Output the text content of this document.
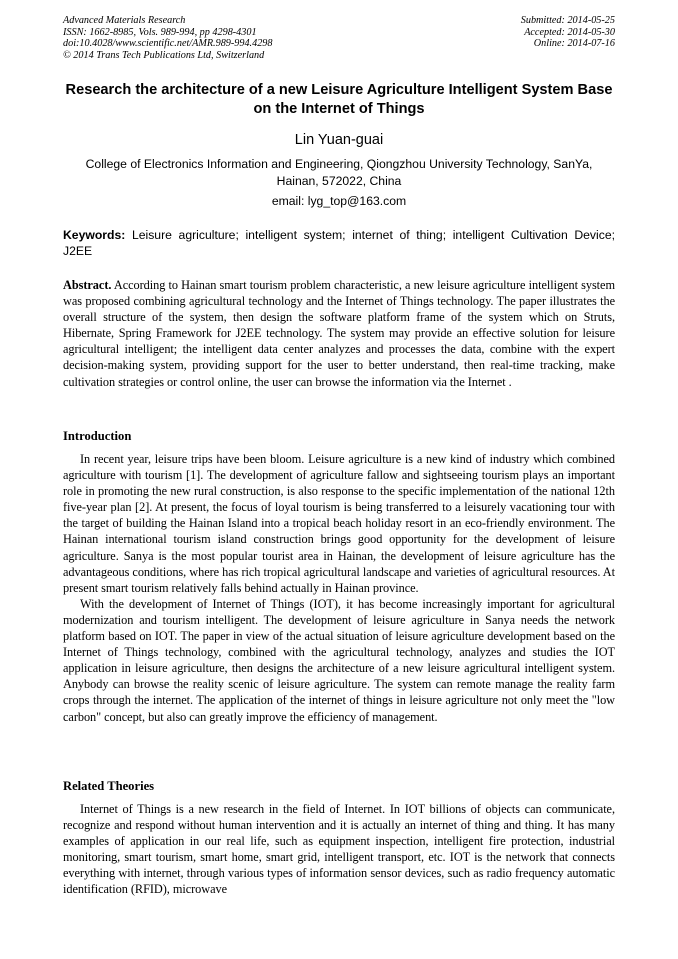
Advanced Materials Research
ISSN: 1662-8985, Vols. 989-994, pp 4298-4301
doi:10.4028/www.scientific.net/AMR.989-994.4298
© 2014 Trans Tech Publications Ltd, Switzerland
Submitted: 2014-05-25
Accepted: 2014-05-30
Online: 2014-07-16
Research the architecture of a new Leisure Agriculture Intelligent System Base on the Internet of Things
Lin Yuan-guai
College of Electronics Information and Engineering, Qiongzhou University Technology, SanYa, Hainan, 572022, China
email: lyg_top@163.com
Keywords: Leisure agriculture; intelligent system; internet of thing; intelligent Cultivation Device; J2EE
Abstract. According to Hainan smart tourism problem characteristic, a new leisure agriculture intelligent system was proposed combining agricultural technology and the Internet of Things technology. The paper illustrates the overall structure of the system, then design the software platform frame of the system which on Struts, Hibernate, Spring Framework for J2EE technology. The system may provide an effective solution for leisure agricultural intelligent; the intelligent data center analyzes and processes the data, combine with the expert decision-making system, providing support for the user to better understand, then real-time tracking, make cultivation strategies or control online, the user can browse the information via the Internet .
Introduction

In recent year, leisure trips have been bloom. Leisure agriculture is a new kind of industry which combined agriculture with tourism [1]. The development of agriculture fallow and sightseeing tourism plays an important role in promoting the new rural construction, is also response to the specific implementation of the national 12th five-year plan [2]. At present, the focus of loyal tourism is being transferred to a leisurely vacationing tour with the target of building the Hainan Island into a tropical beach holiday resort in an eco-friendly environment. The Hainan international tourism island construction brings good opportunity for the development of leisure agriculture. Sanya is the most popular tourist area in Hainan, the development of leisure agriculture has the advantageous conditions, where has rich tropical agricultural landscape and varieties of agricultural resources. At present smart tourism relatively falls behind actually in Hainan province.

With the development of Internet of Things (IOT), it has become increasingly important for agricultural modernization and tourism intelligent. The development of leisure agriculture in Sanya needs the network platform based on IOT. The paper in view of the actual situation of leisure agriculture development based on the Internet of Things technology, combined with the agricultural technology, analyzes and studies the IOT application in leisure agriculture, then designs the architecture of a new leisure agricultural intelligent system. Anybody can browse the reality scenic of leisure agriculture. The system can remote manage the reality farm crops through the internet. The application of the internet of things in leisure agriculture not only meet the "low carbon" concept, but also can greatly improve the efficiency of management.

Related Theories

Internet of Things is a new research in the field of Internet. In IOT billions of objects can communicate, recognize and respond without human intervention and it is actually an internet of thing and thing. It has many examples of application in our real life, such as equipment inspection, intelligent fire protection, industrial monitoring, smart tourism, smart home, smart grid, intelligent transport, etc. IOT is the network that connects everything with internet, through various types of information sensor devices, such as radio frequency automatic identification (RFID), microwave
